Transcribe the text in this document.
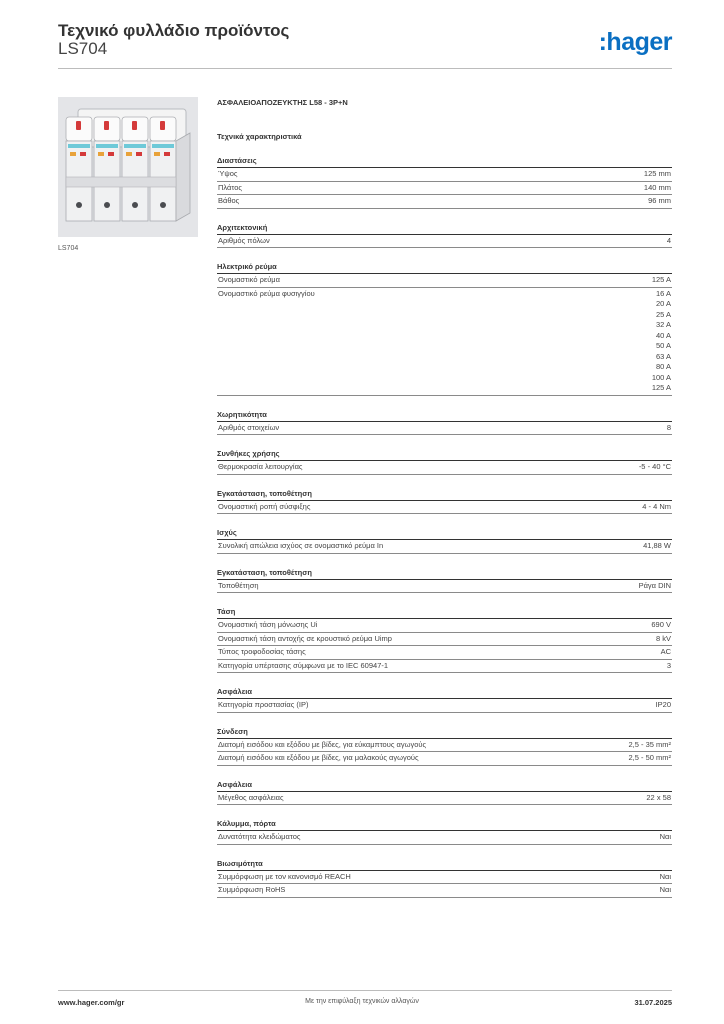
Τεχνικό φυλλάδιο προϊόντος
LS704	:hager
LS704
ΑΣΦΑΛΕΙΟΑΠΟΖΕΥΚΤΗΣ L58 - 3P+N
Τεχνικά χαρακτηριστικά
Διαστάσεις
Ύψος	125 mm
Πλάτος	140 mm
Βάθος	96 mm
Αρχιτεκτονική
Αριθμός πόλων	4
Ηλεκτρικό ρεύμα
Ονομαστικό ρεύμα	125 A
Ονομαστικό ρεύμα φυσιγγίου	16 A
20 A
25 A
32 A
40 A
50 A
63 A
80 A
100 A
125 A
Χωρητικότητα
Αριθμός στοιχείων	8
Συνθήκες χρήσης
Θερμοκρασία λειτουργίας	-5 - 40 °C
Εγκατάσταση, τοποθέτηση
Ονομαστική ροπή σύσφιξης	4 - 4 Nm
Ισχύς
Συνολική απώλεια ισχύος σε ονομαστικό ρεύμα In	41,88 W
Εγκατάσταση, τοποθέτηση
Τοποθέτηση	Ράγα DIN
Τάση
Ονομαστική τάση μόνωσης Ui	690 V
Ονομαστική τάση αντοχής σε κρουστικό ρεύμα Uimp	8 kV
Τύπος τροφοδοσίας τάσης	AC
Κατηγορία υπέρτασης σύμφωνα με το IEC 60947-1	3
Ασφάλεια
Κατηγορία προστασίας (IP)	IP20
Σύνδεση
Διατομή εισόδου και εξόδου με βίδες, για εύκαμπτους αγωγούς	2,5 - 35 mm²
Διατομή εισόδου και εξόδου με βίδες, για μαλακούς αγωγούς	2,5 - 50 mm²
Ασφάλεια
Μέγεθος ασφάλειας	22 x 58
Κάλυμμα, πόρτα
Δυνατότητα κλειδώματος	Ναι
Βιωσιμότητα
Συμμόρφωση με τον κανονισμό REACH	Ναι
Συμμόρφωση RoHS	Ναι
www.hager.com/gr	Με την επιφύλαξη τεχνικών αλλαγών	31.07.2025
